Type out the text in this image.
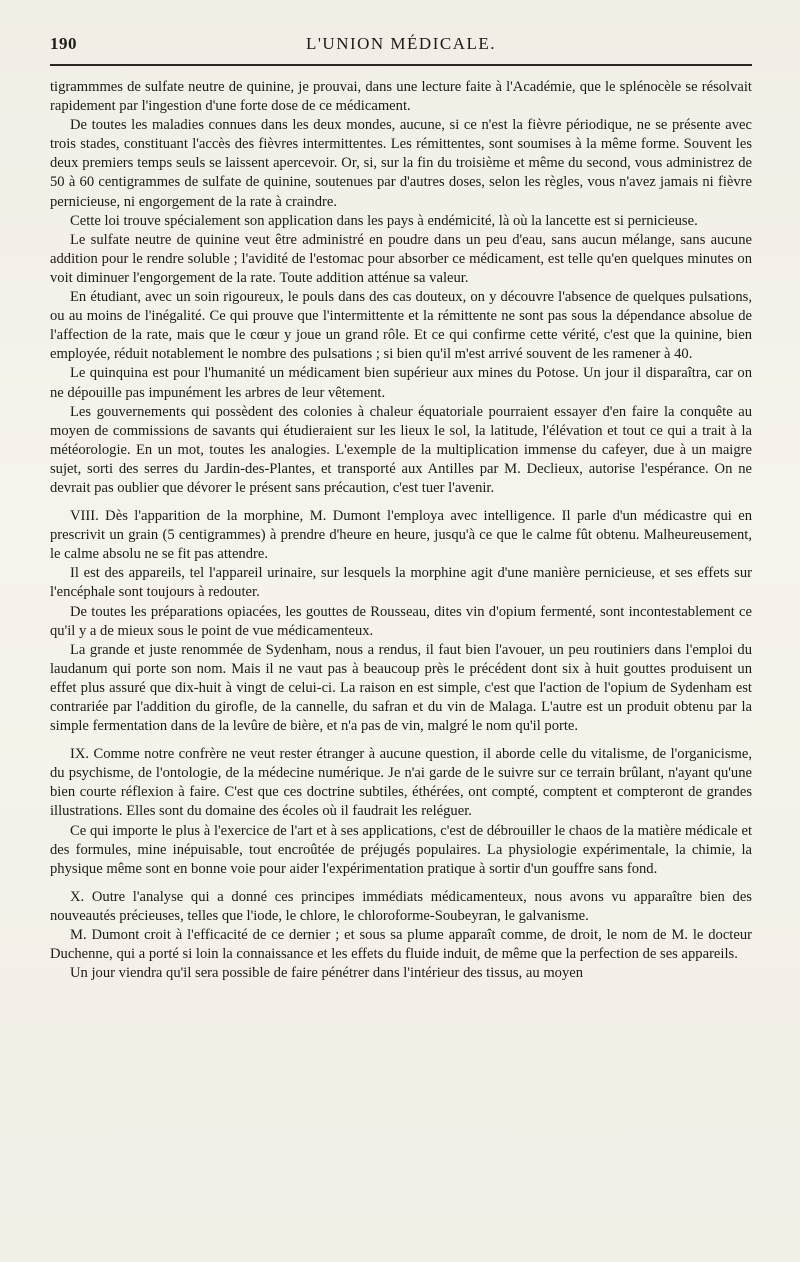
190	L'UNION MÉDICALE.

tigrammmes de sulfate neutre de quinine, je prouvai, dans une lecture faite à l'Académie, que le splénocèle se résolvait rapidement par l'ingestion d'une forte dose de ce médicament.

De toutes les maladies connues dans les deux mondes, aucune, si ce n'est la fièvre périodique, ne se présente avec trois stades, constituant l'accès des fièvres intermittentes. Les rémittentes, sont soumises à la même forme. Souvent les deux premiers temps seuls se laissent apercevoir. Or, si, sur la fin du troisième et même du second, vous administrez de 50 à 60 centigrammes de sulfate de quinine, soutenues par d'autres doses, selon les règles, vous n'avez jamais ni fièvre pernicieuse, ni engorgement de la rate à craindre.

Cette loi trouve spécialement son application dans les pays à endémicité, là où la lancette est si pernicieuse.

Le sulfate neutre de quinine veut être administré en poudre dans un peu d'eau, sans aucun mélange, sans aucune addition pour le rendre soluble ; l'avidité de l'estomac pour absorber ce médicament, est telle qu'en quelques minutes on voit diminuer l'engorgement de la rate. Toute addition atténue sa valeur.

En étudiant, avec un soin rigoureux, le pouls dans des cas douteux, on y découvre l'absence de quelques pulsations, ou au moins de l'inégalité. Ce qui prouve que l'intermittente et la rémittente ne sont pas sous la dépendance absolue de l'affection de la rate, mais que le cœur y joue un grand rôle. Et ce qui confirme cette vérité, c'est que la quinine, bien employée, réduit notablement le nombre des pulsations ; si bien qu'il m'est arrivé souvent de les ramener à 40.

Le quinquina est pour l'humanité un médicament bien supérieur aux mines du Potose. Un jour il disparaîtra, car on ne dépouille pas impunément les arbres de leur vêtement.

Les gouvernements qui possèdent des colonies à chaleur équatoriale pourraient essayer d'en faire la conquête au moyen de commissions de savants qui étudieraient sur les lieux le sol, la latitude, l'élévation et tout ce qui a trait à la météorologie. En un mot, toutes les analogies. L'exemple de la multiplication immense du cafeyer, due à un maigre sujet, sorti des serres du Jardin-des-Plantes, et transporté aux Antilles par M. Declieux, autorise l'espérance. On ne devrait pas oublier que dévorer le présent sans précaution, c'est tuer l'avenir.

VIII. Dès l'apparition de la morphine, M. Dumont l'employa avec intelligence. Il parle d'un médicastre qui en prescrivit un grain (5 centigrammes) à prendre d'heure en heure, jusqu'à ce que le calme fût obtenu. Malheureusement, le calme absolu ne se fit pas attendre.

Il est des appareils, tel l'appareil urinaire, sur lesquels la morphine agit d'une manière pernicieuse, et ses effets sur l'encéphale sont toujours à redouter.

De toutes les préparations opiacées, les gouttes de Rousseau, dites vin d'opium fermenté, sont incontestablement ce qu'il y a de mieux sous le point de vue médicamenteux.

La grande et juste renommée de Sydenham, nous a rendus, il faut bien l'avouer, un peu routiniers dans l'emploi du laudanum qui porte son nom. Mais il ne vaut pas à beaucoup près le précédent dont six à huit gouttes produisent un effet plus assuré que dix-huit à vingt de celui-ci. La raison en est simple, c'est que l'action de l'opium de Sydenham est contrariée par l'addition du girofle, de la cannelle, du safran et du vin de Malaga. L'autre est un produit obtenu par la simple fermentation dans de la levûre de bière, et n'a pas de vin, malgré le nom qu'il porte.

IX. Comme notre confrère ne veut rester étranger à aucune question, il aborde celle du vitalisme, de l'organicisme, du psychisme, de l'ontologie, de la médecine numérique. Je n'ai garde de le suivre sur ce terrain brûlant, n'ayant qu'une bien courte réflexion à faire. C'est que ces doctrine subtiles, éthérées, ont compté, comptent et compteront de grandes illustrations. Elles sont du domaine des écoles où il faudrait les reléguer.

Ce qui importe le plus à l'exercice de l'art et à ses applications, c'est de débrouiller le chaos de la matière médicale et des formules, mine inépuisable, tout encroûtée de préjugés populaires. La physiologie expérimentale, la chimie, la physique même sont en bonne voie pour aider l'expérimentation pratique à sortir d'un gouffre sans fond.

X. Outre l'analyse qui a donné ces principes immédiats médicamenteux, nous avons vu apparaître bien des nouveautés précieuses, telles que l'iode, le chlore, le chloroforme-Soubeyran, le galvanisme.

M. Dumont croit à l'efficacité de ce dernier ; et sous sa plume apparaît comme, de droit, le nom de M. le docteur Duchenne, qui a porté si loin la connaissance et les effets du fluide induit, de même que la perfection de ses appareils.

Un jour viendra qu'il sera possible de faire pénétrer dans l'intérieur des tissus, au moyen
